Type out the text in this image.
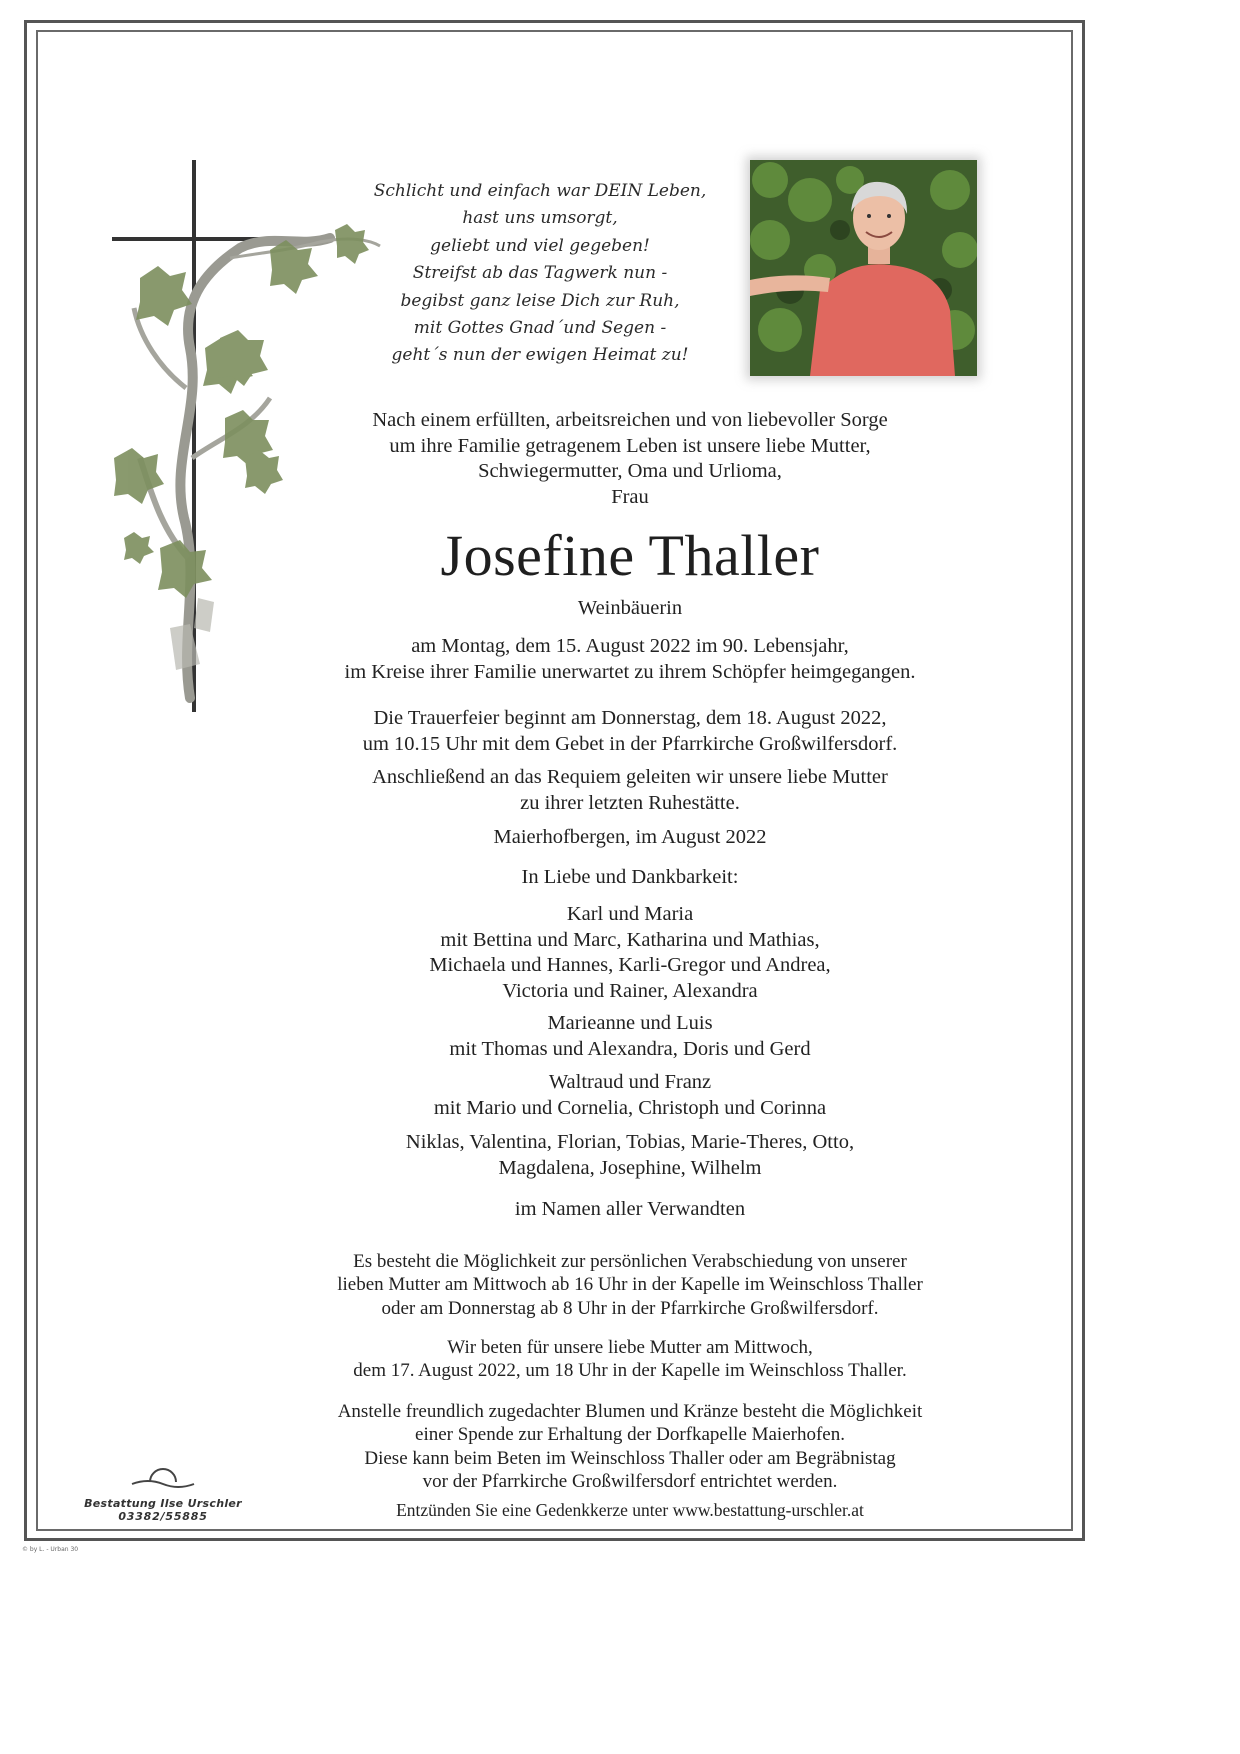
Schlicht und einfach war DEIN Leben,
hast uns umsorgt,
geliebt und viel gegeben!
Streifst ab das Tagwerk nun -
begibst ganz leise Dich zur Ruh,
mit Gottes Gnad´und Segen -
geht´s nun der ewigen Heimat zu!
Nach einem erfüllten, arbeitsreichen und von liebevoller Sorge
um ihre Familie getragenem Leben ist unsere liebe Mutter,
Schwiegermutter, Oma und Urlioma,
Frau
Josefine Thaller
Weinbäuerin
am Montag, dem 15. August 2022 im 90. Lebensjahr,
im Kreise ihrer Familie unerwartet zu ihrem Schöpfer heimgegangen.
Die Trauerfeier beginnt am Donnerstag, dem 18. August 2022,
um 10.15 Uhr mit dem Gebet in der Pfarrkirche Großwilfersdorf.
Anschließend an das Requiem geleiten wir unsere liebe Mutter
zu ihrer letzten Ruhestätte.
Maierhofbergen, im August 2022
In Liebe und Dankbarkeit:
Karl und Maria
mit Bettina und Marc, Katharina und Mathias,
Michaela und Hannes, Karli-Gregor und Andrea,
Victoria und Rainer, Alexandra
Marieanne und Luis
mit Thomas und Alexandra, Doris und Gerd
Waltraud und Franz
mit Mario und Cornelia, Christoph und Corinna
Niklas, Valentina, Florian, Tobias, Marie-Theres, Otto,
Magdalena, Josephine, Wilhelm
im Namen aller Verwandten
Es besteht die Möglichkeit zur persönlichen Verabschiedung von unserer
lieben Mutter am Mittwoch ab 16 Uhr in der Kapelle im Weinschloss Thaller
oder am Donnerstag ab 8 Uhr in der Pfarrkirche Großwilfersdorf.
Wir beten für unsere liebe Mutter am Mittwoch,
dem 17. August 2022, um 18 Uhr in der Kapelle im Weinschloss Thaller.
Anstelle freundlich zugedachter Blumen und Kränze besteht die Möglichkeit
einer Spende zur Erhaltung der Dorfkapelle Maierhofen.
Diese kann beim Beten im Weinschloss Thaller oder am Begräbnistag
vor der Pfarrkirche Großwilfersdorf entrichtet werden.
Bestattung Ilse Urschler
03382/55885	Entzünden Sie eine Gedenkkerze unter www.bestattung-urschler.at
© by L. - Urban 30
